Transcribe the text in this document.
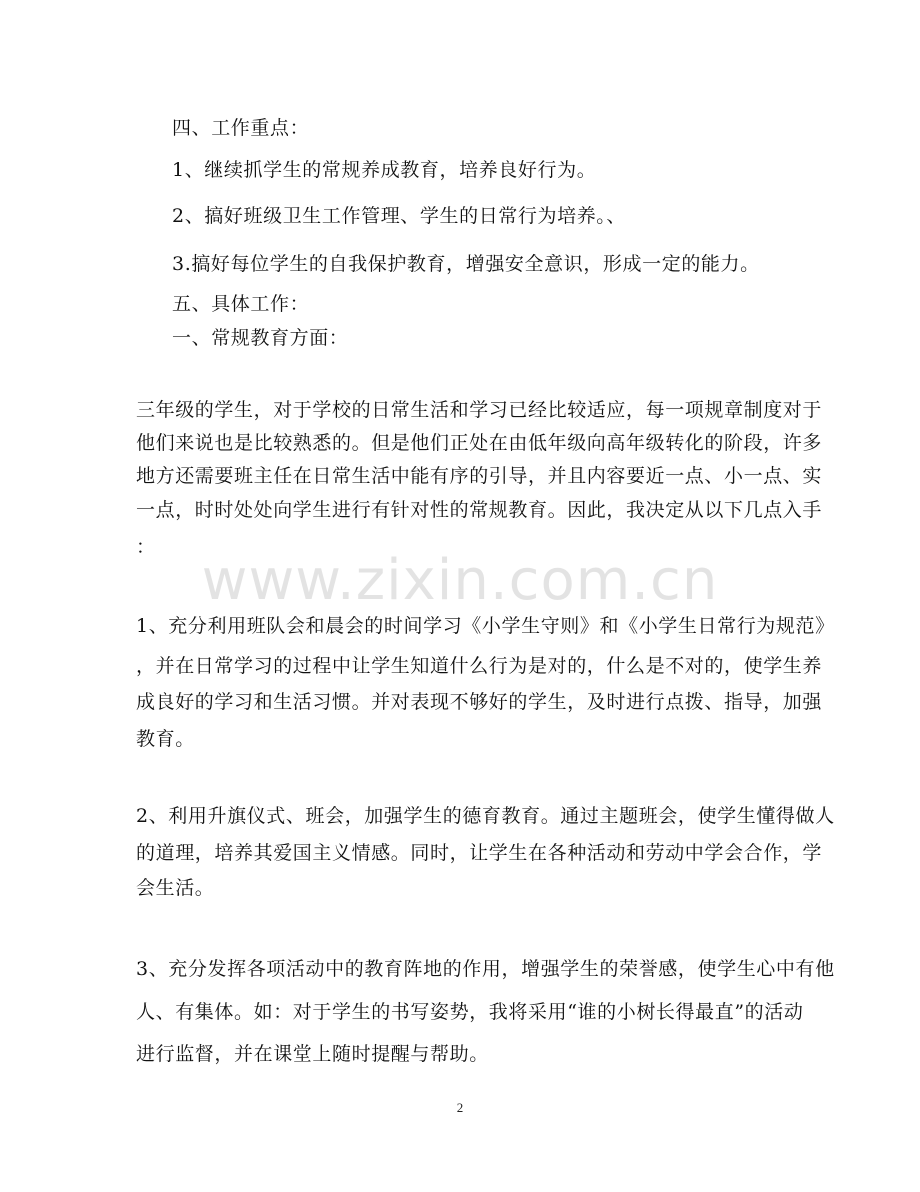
四、工作重点：
1、继续抓学生的常规养成教育，培养良好行为。
2、搞好班级卫生工作管理、学生的日常行为培养。、
3.搞好每位学生的自我保护教育，增强安全意识，形成一定的能力。
五、具体工作：
一、常规教育方面：
三年级的学生，对于学校的日常生活和学习已经比较适应，每一项规章制度对于
他们来说也是比较熟悉的。但是他们正处在由低年级向高年级转化的阶段，许多
地方还需要班主任在日常生活中能有序的引导，并且内容要近一点、小一点、实
一点，时时处处向学生进行有针对性的常规教育。因此，我决定从以下几点入手
：
www.zixin.com.cn
1、充分利用班队会和晨会的时间学习《小学生守则》和《小学生日常行为规范》
，并在日常学习的过程中让学生知道什么行为是对的，什么是不对的，使学生养
成良好的学习和生活习惯。并对表现不够好的学生，及时进行点拨、指导，加强
教育。
2、利用升旗仪式、班会，加强学生的德育教育。通过主题班会，使学生懂得做人
的道理，培养其爱国主义情感。同时，让学生在各种活动和劳动中学会合作，学
会生活。
3、充分发挥各项活动中的教育阵地的作用，增强学生的荣誉感，使学生心中有他
人、有集体。如：对于学生的书写姿势，我将采用“谁的小树长得最直”的活动
进行监督，并在课堂上随时提醒与帮助。
2
